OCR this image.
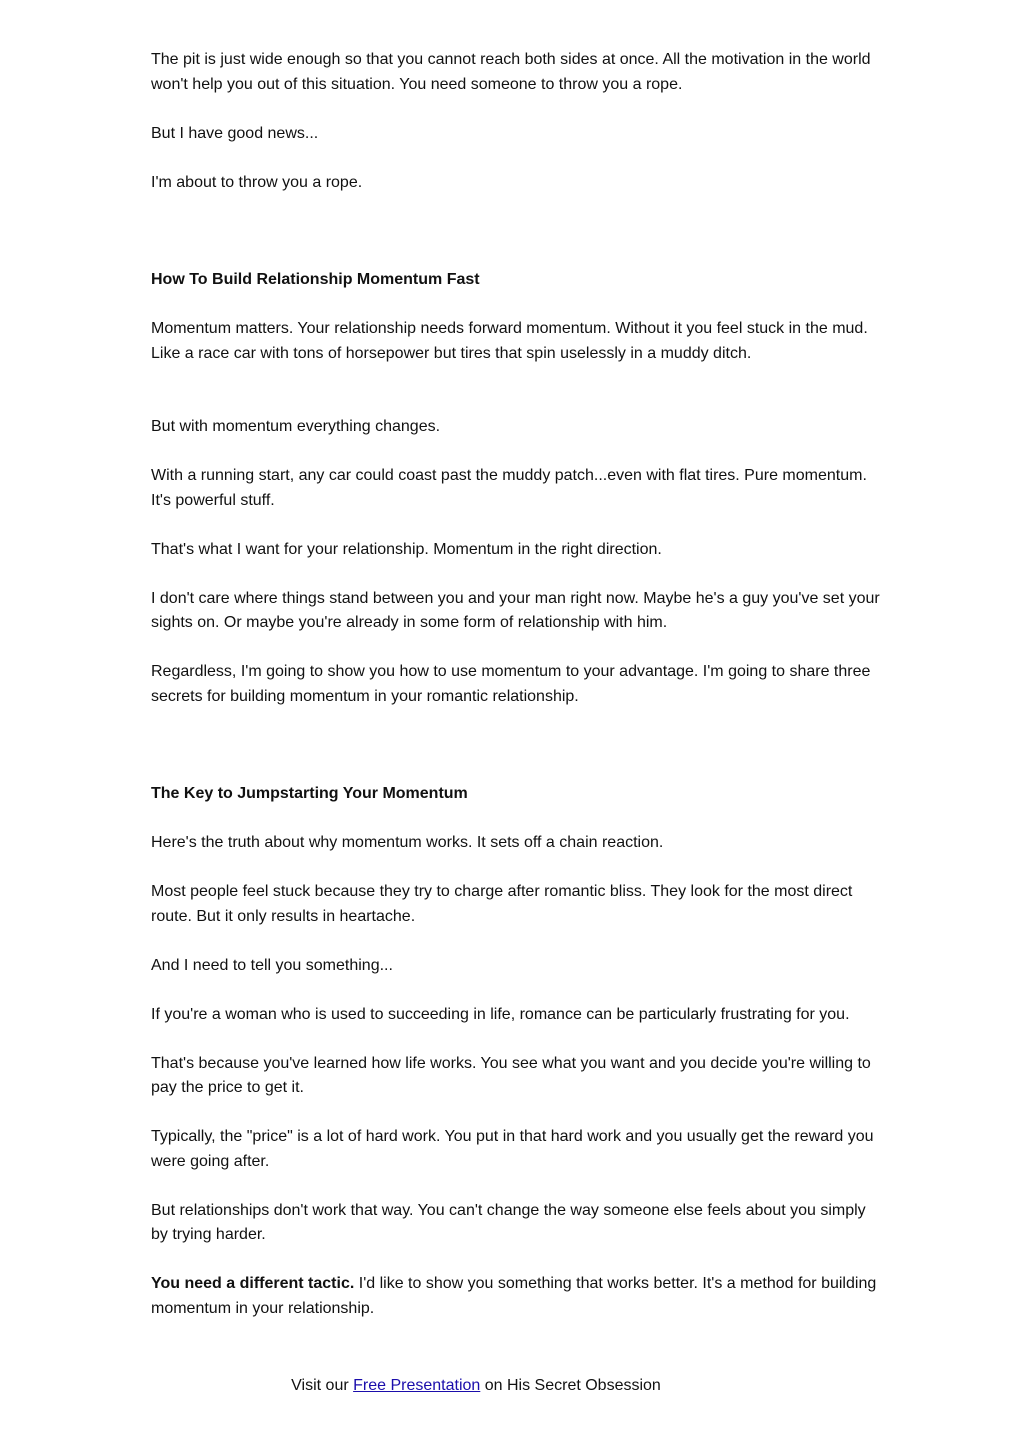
The pit is just wide enough so that you cannot reach both sides at once. All the motivation in the world won't help you out of this situation. You need someone to throw you a rope.

But I have good news...

I'm about to throw you a rope.

How To Build Relationship Momentum Fast

Momentum matters. Your relationship needs forward momentum. Without it you feel stuck in the mud. Like a race car with tons of horsepower but tires that spin uselessly in a muddy ditch.

But with momentum everything changes.

With a running start, any car could coast past the muddy patch...even with flat tires. Pure momentum. It's powerful stuff.

That's what I want for your relationship. Momentum in the right direction.

I don't care where things stand between you and your man right now. Maybe he's a guy you've set your sights on. Or maybe you're already in some form of relationship with him.

Regardless, I'm going to show you how to use momentum to your advantage. I'm going to share three secrets for building momentum in your romantic relationship.

The Key to Jumpstarting Your Momentum

Here's the truth about why momentum works. It sets off a chain reaction.

Most people feel stuck because they try to charge after romantic bliss. They look for the most direct route. But it only results in heartache.

And I need to tell you something...

If you're a woman who is used to succeeding in life, romance can be particularly frustrating for you.

That's because you've learned how life works. You see what you want and you decide you're willing to pay the price to get it.

Typically, the "price" is a lot of hard work. You put in that hard work and you usually get the reward you were going after.

But relationships don't work that way. You can't change the way someone else feels about you simply by trying harder.

You need a different tactic. I'd like to show you something that works better. It's a method for building momentum in your relationship.

Visit our Free Presentation on His Secret Obsession
